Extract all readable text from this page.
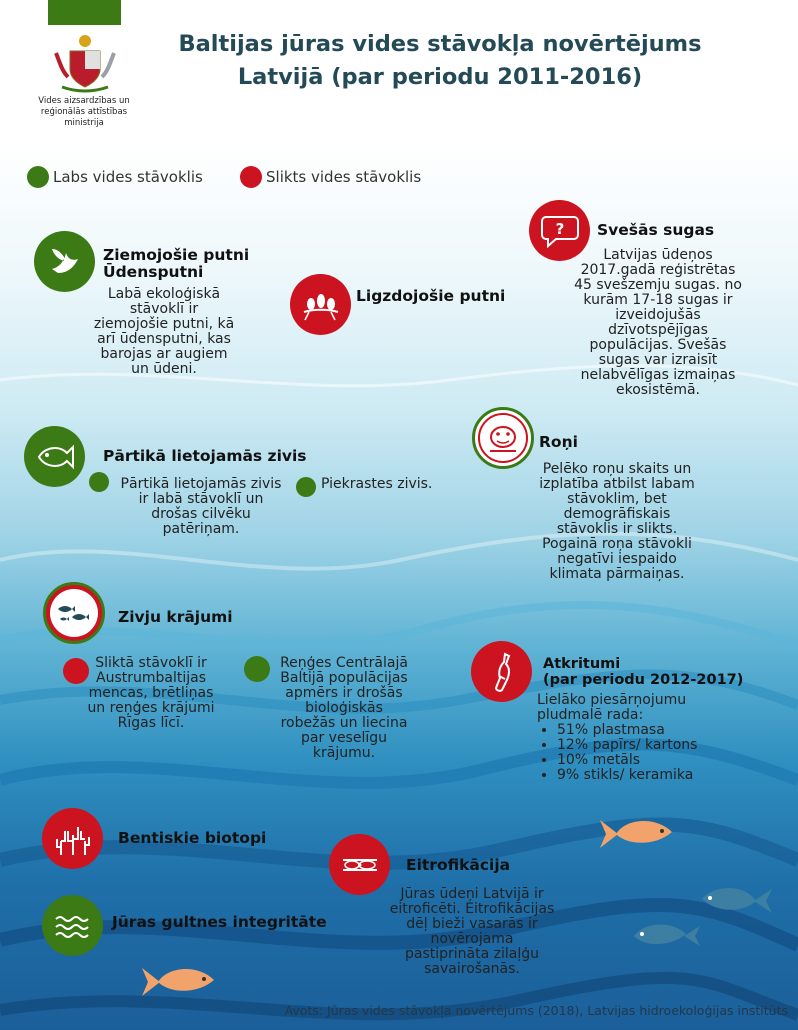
Vides aizsardzības un
reģionālās attīstības
ministrija
Baltijas jūras vides stāvokļa novērtējums
Latvijā (par periodu 2011-2016)
Labs vides stāvoklis	Slikts vides stāvoklis
Ziemojošie putni
Ūdensputni
Labā ekoloģiskā
stāvoklī ir
ziemojošie putni, kā
arī ūdensputni, kas
barojas ar augiem
un ūdeni.
Ligzdojošie putni
? Svešās sugas
Latvijas ūdeņos
2017.gadā reģistrētas
45 svešzemju sugas. no
kurām 17-18 sugas ir
izveidojušās
dzīvotspējīgas
populācijas. Svešās
sugas var izraisīt
nelabvēlīgas izmaiņas
ekosistēmā.
Pārtikā lietojamās zivis
Pārtikā lietojamās zivis
ir labā stāvoklī un
drošas cilvēku
patēriņam.
Piekrastes zivis.
Roņi
Pelēko roņu skaits un
izplatība atbilst labam
stāvoklim, bet
demogrāfiskais
stāvoklis ir slikts.
Pogainā roņa stāvokli
negatīvi iespaido
klimata pārmaiņas.
Zivju krājumi
Sliktā stāvoklī ir
Austrumbaltijas
mencas, brētliņas
un reņģes krājumi
Rīgas līcī.
Reņģes Centrālajā
Baltijā populācijas
apmērs ir drošās
bioloģiskās
robežās un liecina
par veselīgu
krājumu.
Atkritumi
(par periodu 2012-2017)
Lielāko piesārņojumu
pludmalē rada:
• 51% plastmasa
• 12% papīrs/ kartons
• 10% metāls
• 9% stikls/ keramika
Bentiskie biotopi
Eitrofikācija
Jūras ūdeņi Latvijā ir
eitroficēti. Eitrofikācijas
dēļ bieži vasarās ir
novērojama
pastiprināta zilaļģu
savairošanās.
Jūras gultnes integritāte
Avots: Jūras vides stāvokļa novērtējums (2018), Latvijas hidroekoloģijas institūts
